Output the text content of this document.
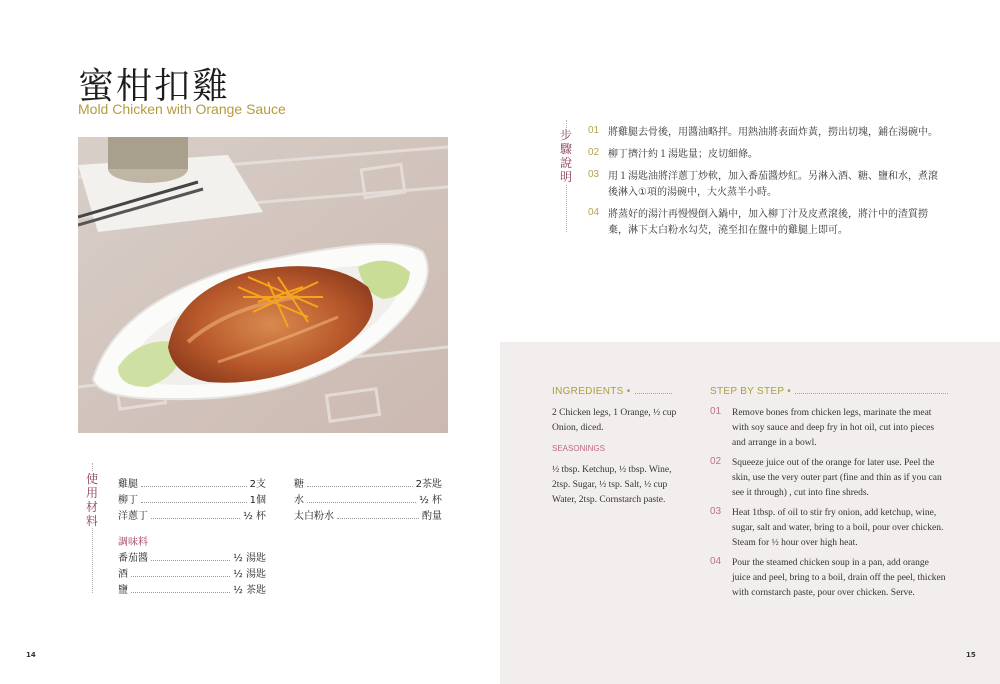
蜜柑扣雞
Mold Chicken with Orange Sauce
步驟說明
01 將雞腿去骨後，用醬油略拌。用熱油將表面炸黃，撈出切塊，鋪在湯碗中。
02 柳丁擠汁約１湯匙量；皮切細條。
03 用１湯匙油將洋蔥丁炒軟，加入番茄醬炒紅。另淋入酒、糖、鹽和水，煮滾
後淋入①項的湯碗中，大火蒸半小時。
04 將蒸好的湯汁再慢慢倒入鍋中，加入柳丁汁及皮煮滾後，將汁中的渣質撈
棄，淋下太白粉水勾芡，澆至扣在盤中的雞腿上即可。
使用材料
雞腿	2支
柳丁	1個
洋蔥丁	½ 杯
糖	2茶匙
水	½ 杯
太白粉水	酌量
調味料
番茄醬	½ 湯匙
酒	½ 湯匙
鹽	½ 茶匙
INGREDIENTS •
2 Chicken legs, 1 Orange, ½ cup
Onion, diced.
SEASONINGS
½ tbsp. Ketchup, ½ tbsp. Wine,
2tsp. Sugar, ½ tsp. Salt, ½ cup
Water, 2tsp. Cornstarch paste.
STEP BY STEP •
01	Remove bones from chicken legs, marinate the meat
with soy sauce and deep fry in hot oil, cut into pieces
and arrange in a bowl.
02	Squeeze juice out of the orange for later use. Peel the
skin, use the very outer part (fine and thin as if you can
see it through) , cut into fine shreds.
03	Heat 1tbsp. of oil to stir fry onion, add ketchup, wine,
sugar, salt and water, bring to a boil, pour over chicken.
Steam for ½ hour over high heat.
04	Pour the steamed chicken soup in a pan, add orange
juice and peel, bring to a boil, drain off the peel, thicken
with cornstarch paste, pour over chicken. Serve.
14	15
